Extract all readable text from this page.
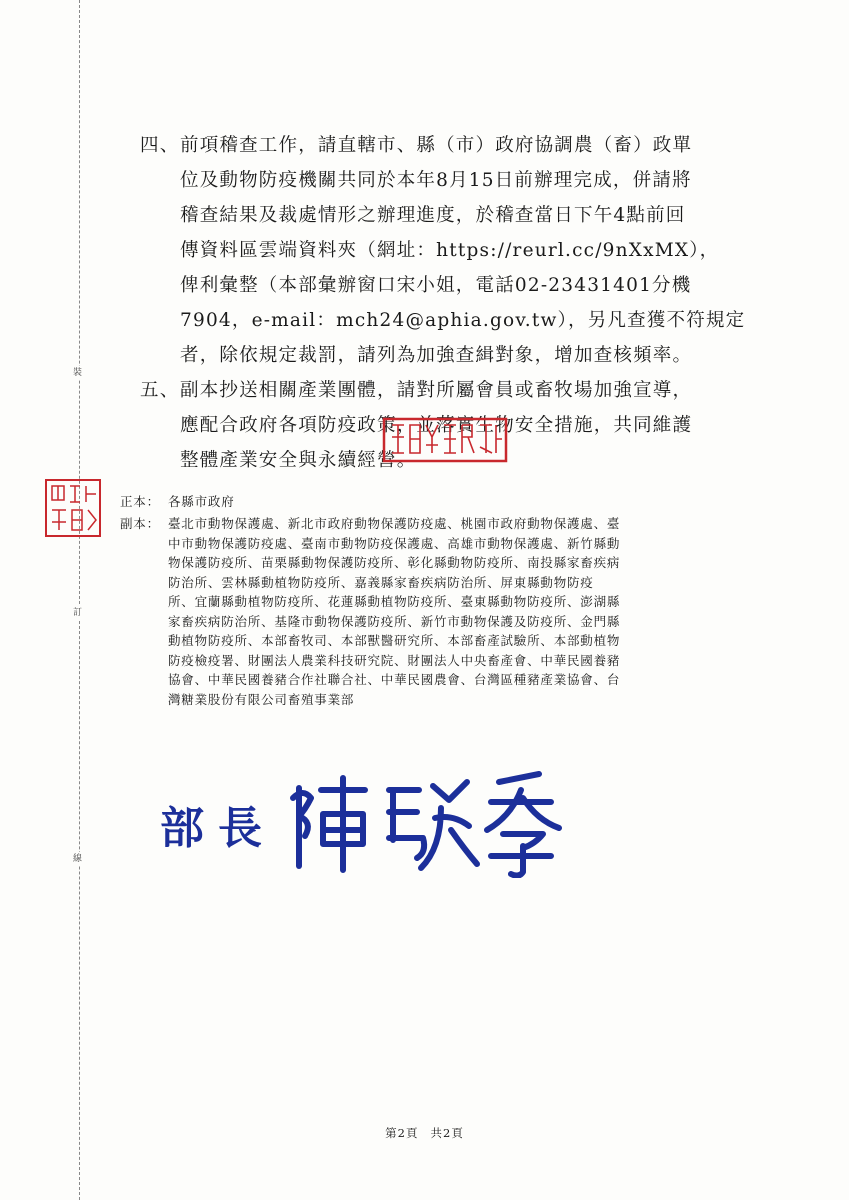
裝
訂
線
四、 前項稽查工作，請直轄市、縣（市）政府協調農（畜）政單
位及動物防疫機關共同於本年8月15日前辦理完成，併請將
稽查結果及裁處情形之辦理進度，於稽查當日下午4點前回
傳資料區雲端資料夾（網址：https://reurl.cc/9nXxMX），
俾利彙整（本部彙辦窗口宋小姐，電話02-23431401分機
7904，e-mail：mch24@aphia.gov.tw），另凡查獲不符規定
者，除依規定裁罰，請列為加強查緝對象，增加查核頻率。
五、 副本抄送相關產業團體，請對所屬會員或畜牧場加強宣導，
應配合政府各項防疫政策，並落實生物安全措施，共同維護
整體產業安全與永續經營。
正本： 各縣市政府
副本： 臺北市動物保護處、新北市政府動物保護防疫處、桃園市政府動物保護處、臺
中市動物保護防疫處、臺南市動物防疫保護處、高雄市動物保護處、新竹縣動
物保護防疫所、苗栗縣動物保護防疫所、彰化縣動物防疫所、南投縣家畜疾病
防治所、雲林縣動植物防疫所、嘉義縣家畜疾病防治所、屏東縣動物防疫
所、宜蘭縣動植物防疫所、花蓮縣動植物防疫所、臺東縣動物防疫所、澎湖縣
家畜疾病防治所、基隆市動物保護防疫所、新竹市動物保護及防疫所、金門縣
動植物防疫所、本部畜牧司、本部獸醫研究所、本部畜產試驗所、本部動植物
防疫檢疫署、財團法人農業科技研究院、財團法人中央畜產會、中華民國養豬
協會、中華民國養豬合作社聯合社、中華民國農會、台灣區種豬產業協會、台
灣糖業股份有限公司畜殖事業部
部長
第2頁 共2頁
